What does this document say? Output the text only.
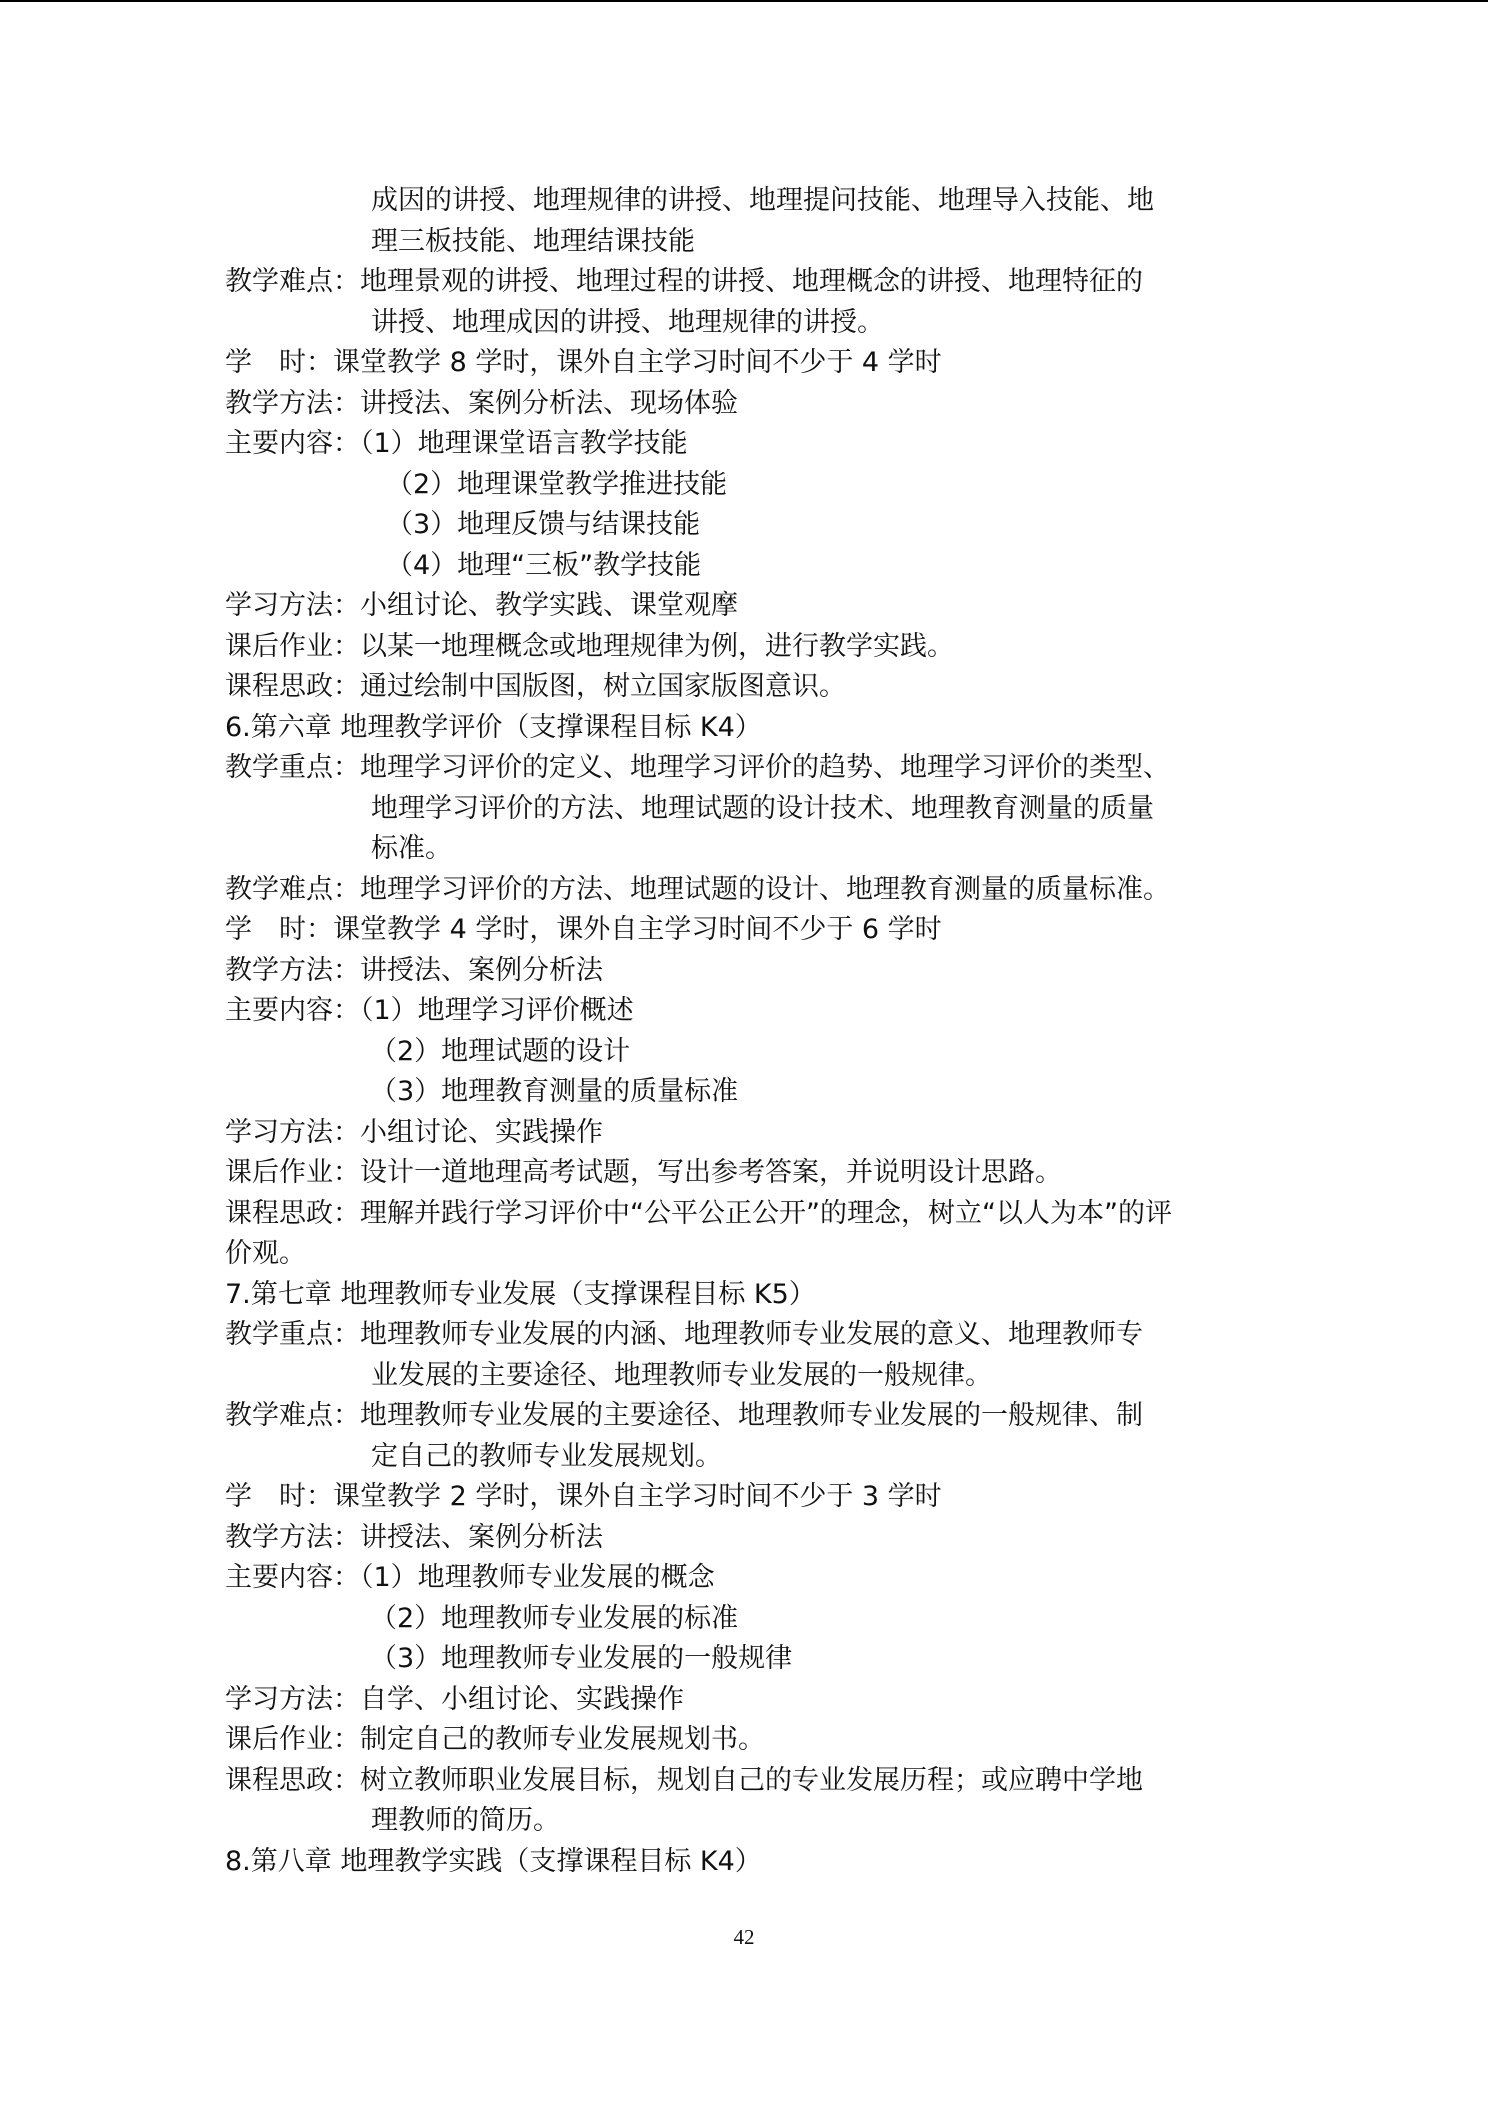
成因的讲授、地理规律的讲授、地理提问技能、地理导入技能、地
理三板技能、地理结课技能
教学难点：地理景观的讲授、地理过程的讲授、地理概念的讲授、地理特征的
讲授、地理成因的讲授、地理规律的讲授。
学　时：课堂教学 8 学时，课外自主学习时间不少于 4 学时
教学方法：讲授法、案例分析法、现场体验
主要内容：（1）地理课堂语言教学技能
（2）地理课堂教学推进技能
（3）地理反馈与结课技能
（4）地理“三板”教学技能
学习方法：小组讨论、教学实践、课堂观摩
课后作业：以某一地理概念或地理规律为例，进行教学实践。
课程思政：通过绘制中国版图，树立国家版图意识。
6.第六章 地理教学评价（支撑课程目标 K4）
教学重点：地理学习评价的定义、地理学习评价的趋势、地理学习评价的类型、
地理学习评价的方法、地理试题的设计技术、地理教育测量的质量
标准。
教学难点：地理学习评价的方法、地理试题的设计、地理教育测量的质量标准。
学　时：课堂教学 4 学时，课外自主学习时间不少于 6 学时
教学方法：讲授法、案例分析法
主要内容：（1）地理学习评价概述
（2）地理试题的设计
（3）地理教育测量的质量标准
学习方法：小组讨论、实践操作
课后作业：设计一道地理高考试题，写出参考答案，并说明设计思路。
课程思政：理解并践行学习评价中“公平公正公开”的理念，树立“以人为本”的评
价观。
7.第七章 地理教师专业发展（支撑课程目标 K5）
教学重点：地理教师专业发展的内涵、地理教师专业发展的意义、地理教师专
业发展的主要途径、地理教师专业发展的一般规律。
教学难点：地理教师专业发展的主要途径、地理教师专业发展的一般规律、制
定自己的教师专业发展规划。
学　时：课堂教学 2 学时，课外自主学习时间不少于 3 学时
教学方法：讲授法、案例分析法
主要内容：（1）地理教师专业发展的概念
（2）地理教师专业发展的标准
（3）地理教师专业发展的一般规律
学习方法：自学、小组讨论、实践操作
课后作业：制定自己的教师专业发展规划书。
课程思政：树立教师职业发展目标，规划自己的专业发展历程；或应聘中学地
理教师的简历。
8.第八章 地理教学实践（支撑课程目标 K4）
42
